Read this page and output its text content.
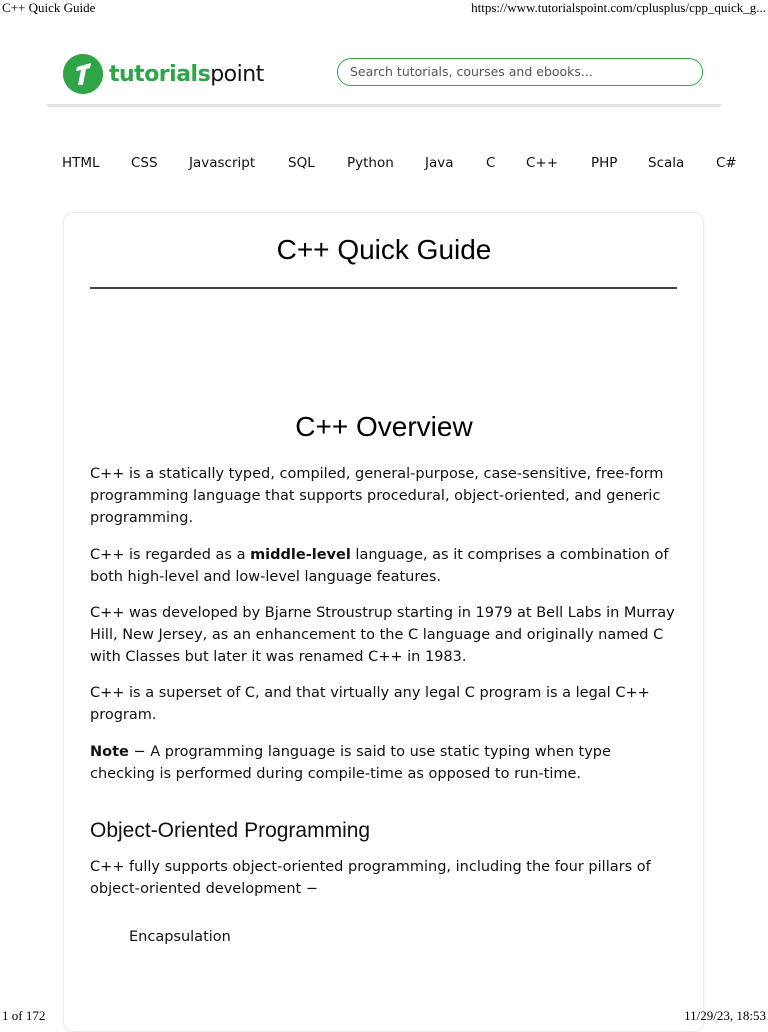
C++ Quick Guide	https://www.tutorialspoint.com/cplusplus/cpp_quick_g...
tutorialspoint	Search tutorials, courses and ebooks...
HTML CSS Javascript SQL Python Java C C++ PHP Scala C#
C++ Quick Guide
C++ Overview

C++ is a statically typed, compiled, general-purpose, case-sensitive, free-form programming language that supports procedural, object-oriented, and generic programming.

C++ is regarded as a middle-level language, as it comprises a combination of both high-level and low-level language features.

C++ was developed by Bjarne Stroustrup starting in 1979 at Bell Labs in Murray Hill, New Jersey, as an enhancement to the C language and originally named C with Classes but later it was renamed C++ in 1983.

C++ is a superset of C, and that virtually any legal C program is a legal C++ program.

Note − A programming language is said to use static typing when type checking is performed during compile-time as opposed to run-time.

Object-Oriented Programming

C++ fully supports object-oriented programming, including the four pillars of object-oriented development −

Encapsulation
1 of 172	11/29/23, 18:53
